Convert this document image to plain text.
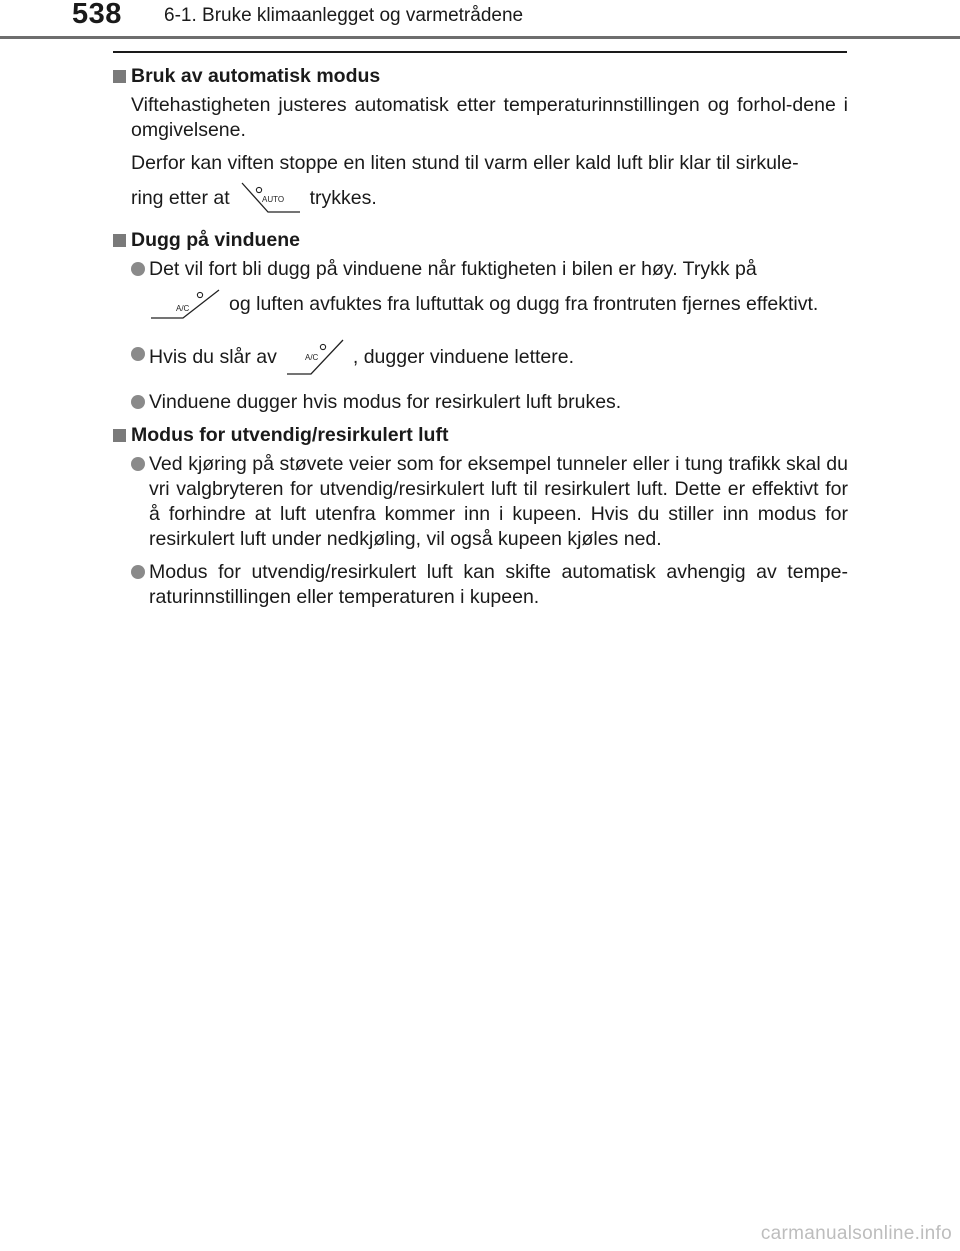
538 6-1. Bruke klimaanlegget og varmetrådene
Bruk av automatisk modus
Viftehastigheten justeres automatisk etter temperaturinnstillingen og forhol-dene i omgivelsene.
Derfor kan viften stoppe en liten stund til varm eller kald luft blir klar til sirkule-
ring etter at	AUTO trykkes.
Dugg på vinduene
Det vil fort bli dugg på vinduene når fuktigheten i bilen er høy. Trykk på
A/C og luften avfuktes fra luftuttak og dugg fra frontruten fjernes effektivt.
Hvis du slår av	A/C , dugger vinduene lettere.
Vinduene dugger hvis modus for resirkulert luft brukes.
Modus for utvendig/resirkulert luft
Ved kjøring på støvete veier som for eksempel tunneler eller i tung trafikk skal du vri valgbryteren for utvendig/resirkulert luft til resirkulert luft. Dette er effektivt for å forhindre at luft utenfra kommer inn i kupeen. Hvis du stiller inn modus for resirkulert luft under nedkjøling, vil også kupeen kjøles ned.
Modus for utvendig/resirkulert luft kan skifte automatisk avhengig av tempe-raturinnstillingen eller temperaturen i kupeen.
carmanualsonline.info
